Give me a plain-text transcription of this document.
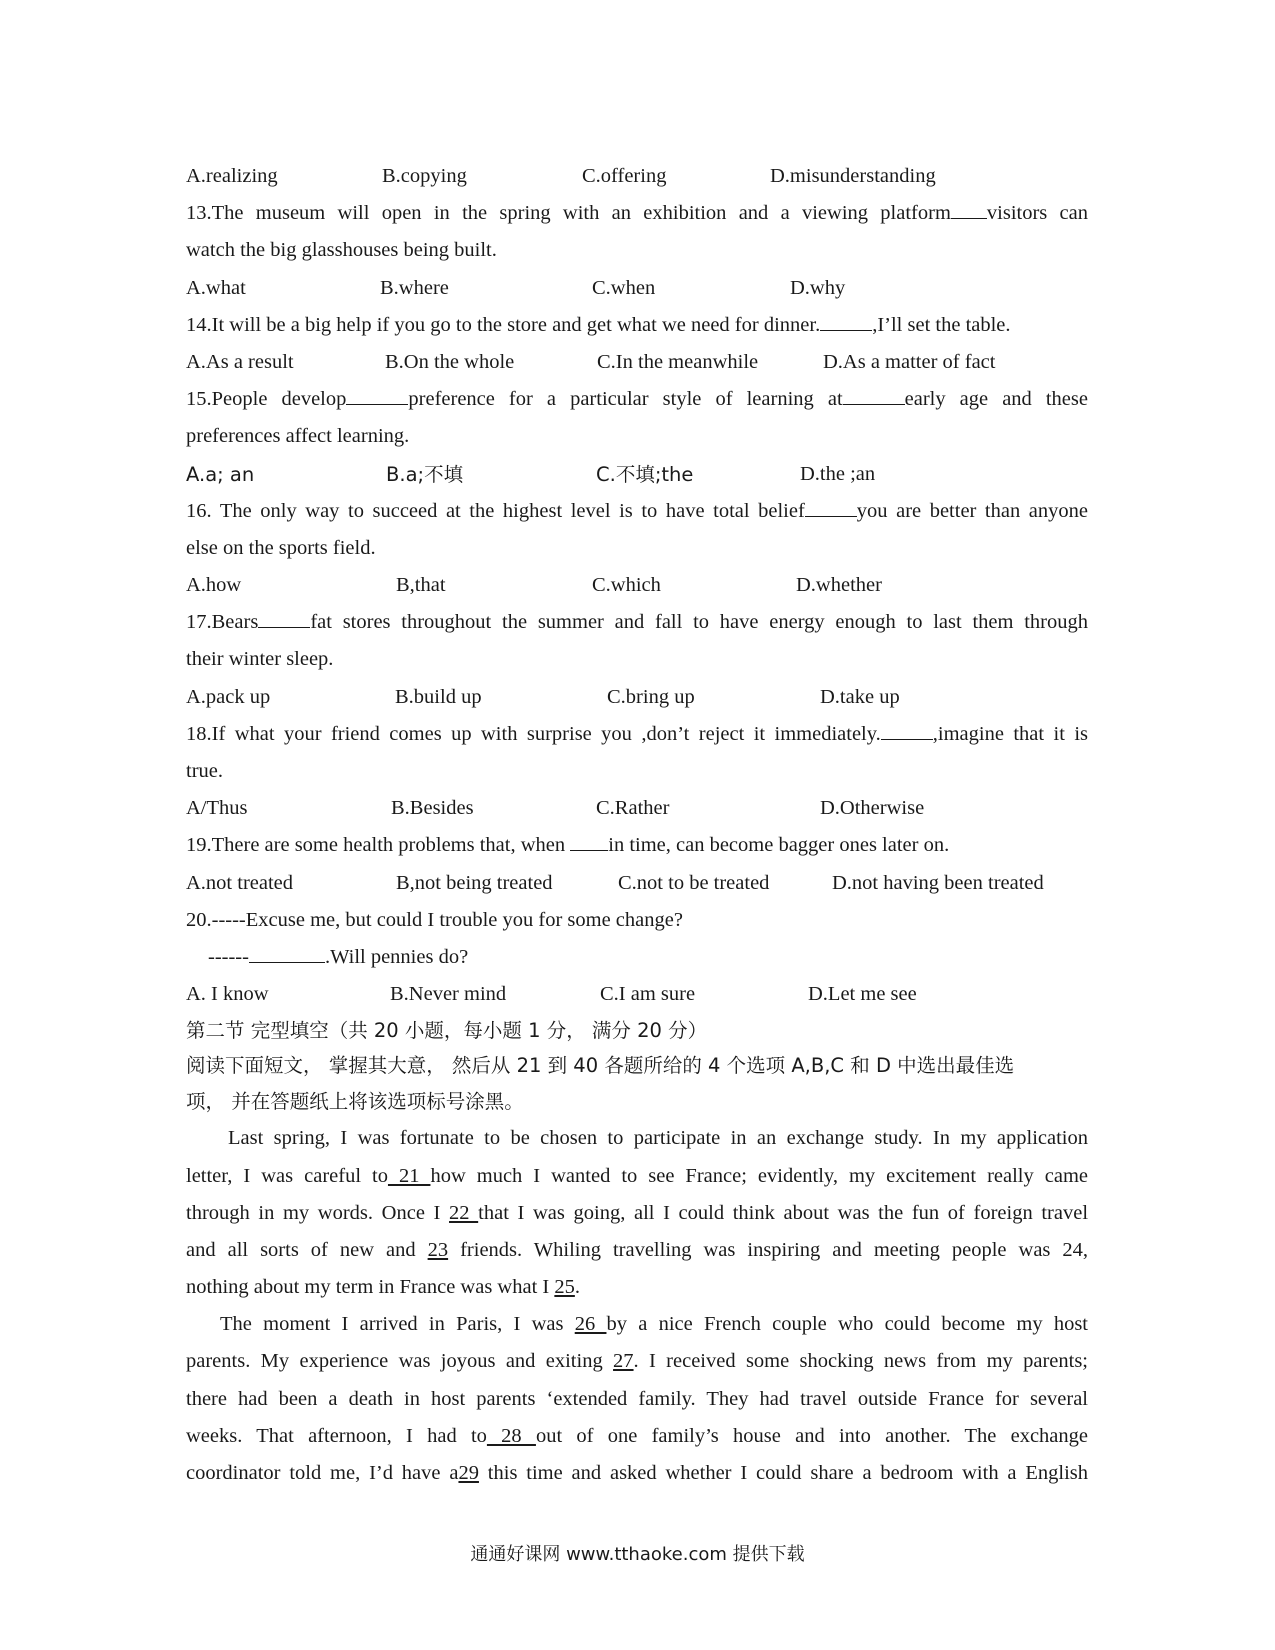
A.realizing	B.copying	C.offering	D.misunderstanding
13.The museum will open in the spring with an exhibition and a viewing platform visitors can
watch the big glasshouses being built.
A.what	B.where	C.when	D.why
14.It will be a big help if you go to the store and get what we need for dinner.	,I’ll set the table.
A.As a result	B.On the whole	C.In the meanwhile	D.As a matter of fact
15.People develop	preference for a particular style of learning at	early age and these
preferences affect learning.
A.a; an	B.a;不填	C.不填;the	D.the ;an
16. The only way to succeed at the highest level is to have total belief	you are better than anyone
else on the sports field.
A.how	B,that	C.which	D.whether
17.Bears	fat stores throughout the summer and fall to have energy enough to last them through
their winter sleep.
A.pack up	B.build up	C.bring up	D.take up
18.If what your friend comes up with surprise you ,don’t reject it immediately.	,imagine that it is
true.
A/Thus	B.Besides	C.Rather	D.Otherwise
19.There are some health problems that, when in time, can become bagger ones later on.
A.not treated	B,not being treated	C.not to be treated	D.not having been treated
20.-----Excuse me, but could I trouble you for some change?
------	.Will pennies do?
A. I know	B.Never mind	C.I am sure	D.Let me see
第二节 完型填空（共 20 小题，每小题 1 分， 满分 20 分）
阅读下面短文， 掌握其大意， 然后从 21 到 40 各题所给的 4 个选项 A,B,C 和 D 中选出最佳选
项， 并在答题纸上将该选项标号涂黑。
Last spring, I was fortunate to be chosen to participate in an exchange study. In my application
letter, I was careful to 21 how much I wanted to see France; evidently, my excitement really came
through in my words. Once I 22 that I was going, all I could think about was the fun of foreign travel
and all sorts of new and 23 friends. Whiling travelling was inspiring and meeting people was 24,
nothing about my term in France was what I 25.
The moment I arrived in Paris, I was 26 by a nice French couple who could become my host
parents. My experience was joyous and exiting 27. I received some shocking news from my parents;
there had been a death in host parents ‘extended family. They had travel outside France for several
weeks. That afternoon, I had to 28 out of one family’s house and into another. The exchange
coordinator told me, I’d have a29 this time and asked whether I could share a bedroom with a English
通通好课网 www.tthaoke.com 提供下载
